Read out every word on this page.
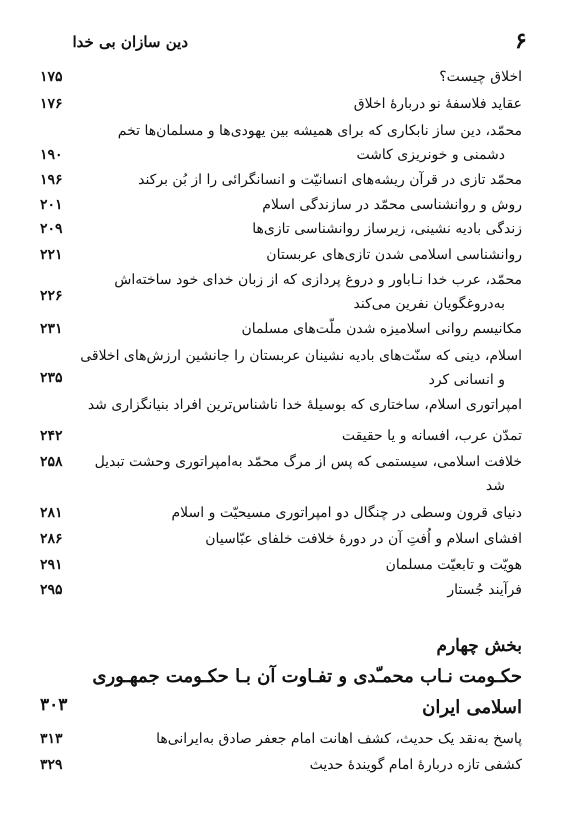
۶
دین سازان بی خدا
اخلاق چیست؟
۱۷۵
عقاید فلاسفهٔ نو دربارهٔ اخلاق
۱۷۶
محمّد، دین ساز نابکاری که برای همیشه بین یهودی‌ها و مسلمان‌ها تخم
دشمنی و خونریزی کاشت
۱۹۰
محمّد تازی در قرآن ریشه‌های انسانیّت و انسانگرائی را از بُن برکند
۱۹۶
روش و روانشناسی محمّد در سازندگی اسلام
۲۰۱
زندگی بادیه نشینی، زیرساز روانشناسی تازی‌ها
۲۰۹
روانشناسی اسلامی شدن تازی‌های عربستان
۲۲۱
محمّد، عرب خدا نـاباور و دروغ پردازی که از زبان خدای خود ساخته‌اش
به‌دروغگویان نفرین می‌کند
۲۲۶
مکانیسم روانی اسلامیزه شدن ملّت‌های مسلمان
۲۳۱
اسلام، دینی که سنّت‌های بادیه نشینان عربستان را جانشین ارزش‌های اخلاقی
و انسانی کرد
۲۳۵
امپراتوری اسلام، ساختاری که بوسیلهٔ خدا ناشناس‌ترین افراد بنیانگزاری شد
تمدّن عرب، افسانه و یا حقیقت
۲۴۲
خلافت اسلامی، سیستمی که پس از مرگ محمّد به‌امپراتوری وحشت تبدیل
شد
۲۵۸
دنیای قرون وسطی در چنگال دو امپراتوری مسیحیّت و اسلام
۲۸۱
افشای اسلام و اُفتِ آن در دورهٔ خلافت خلفای عبّاسیان
۲۸۶
هویّت و تابعیّت مسلمان
۲۹۱
فرآیند جُستار
۲۹۵
بخش چهارم
حکـومت نـاب محمـّدی و تفـاوت آن بـا حکـومت جمهـوری
اسلامی ایران
۳۰۳
پاسخ به‌نقد یک حدیث، کشف اهانت امام جعفر صادق به‌ایرانی‌ها
۳۱۳
کشفی تازه دربارهٔ امام گویندهٔ حدیث
۳۲۹
